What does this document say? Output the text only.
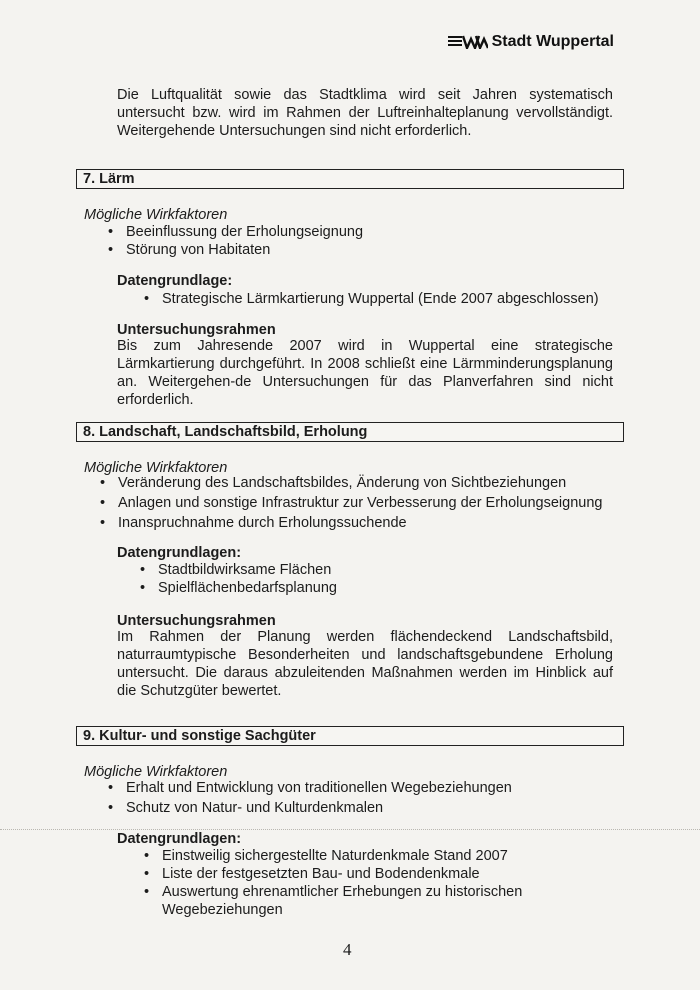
Stadt Wuppertal

Die Luftqualität sowie das Stadtklima wird seit Jahren systematisch untersucht bzw. wird im Rahmen der Luftreinhalteplanung vervollständigt. Weitergehende Untersuchungen sind nicht erforderlich.

7. Lärm
Mögliche Wirkfaktoren
• Beeinflussung der Erholungseignung
• Störung von Habitaten
Datengrundlage:
• Strategische Lärmkartierung Wuppertal (Ende 2007 abgeschlossen)
Untersuchungsrahmen

Bis zum Jahresende 2007 wird in Wuppertal eine strategische Lärmkartierung durchgeführt. In 2008 schließt eine Lärmminderungsplanung an. Weitergehen-de Untersuchungen für das Planverfahren sind nicht erforderlich.

8. Landschaft, Landschaftsbild, Erholung
Mögliche Wirkfaktoren
• Veränderung des Landschaftsbildes, Änderung von Sichtbeziehungen
• Anlagen und sonstige Infrastruktur zur Verbesserung der Erholungseignung
• Inanspruchnahme durch Erholungssuchende
Datengrundlagen:
• Stadtbildwirksame Flächen
• Spielflächenbedarfsplanung
Untersuchungsrahmen

Im Rahmen der Planung werden flächendeckend Landschaftsbild, naturraumtypische Besonderheiten und landschaftsgebundene Erholung untersucht. Die daraus abzuleitenden Maßnahmen werden im Hinblick auf die Schutzgüter bewertet.

9. Kultur- und sonstige Sachgüter
Mögliche Wirkfaktoren
• Erhalt und Entwicklung von traditionellen Wegebeziehungen
• Schutz von Natur- und Kulturdenkmalen
Datengrundlagen:
• Einstweilig sichergestellte Naturdenkmale Stand 2007
• Liste der festgesetzten Bau- und Bodendenkmale
• Auswertung ehrenamtlicher Erhebungen zu historischen Wegebeziehungen
4
